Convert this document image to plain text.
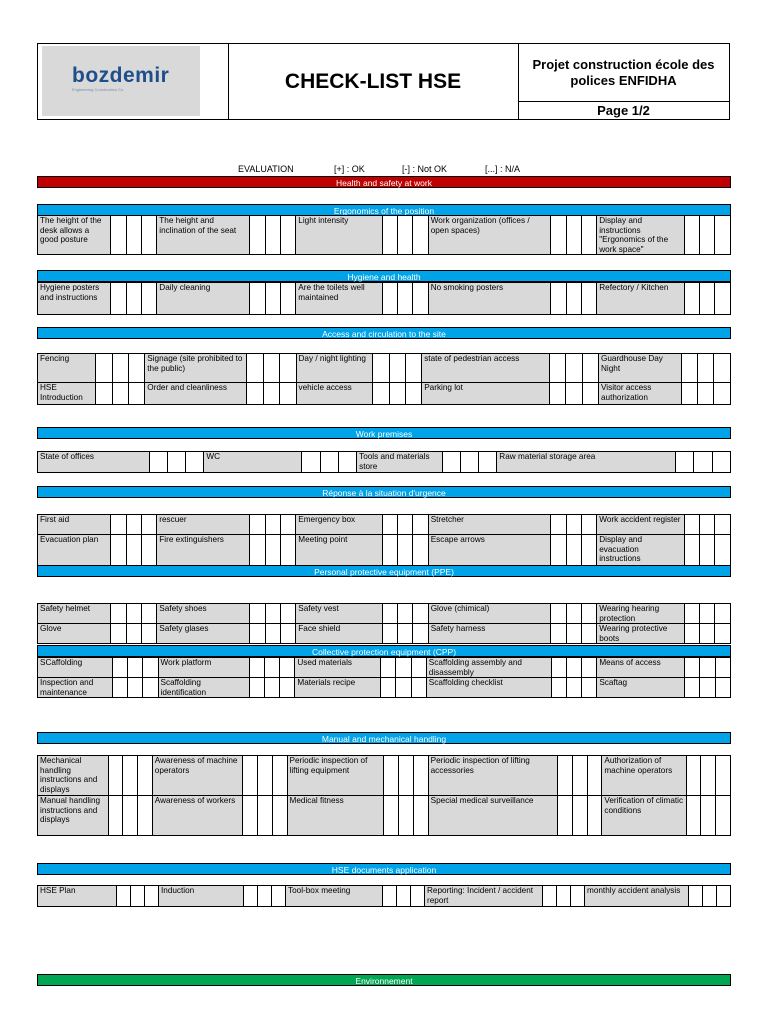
bozdemir
Engineering Construction Co.	CHECK-LIST HSE
Projet construction école des polices ENFIDHA
Page 1/2
EVALUATION	[+] : OK	[-] : Not OK	[...] : N/A
Health and safety at work
Ergonomics of the position
Hygiene and health
Access and circulation to the site
Work premises
Réponse à la situation d'urgence
Personal protective equipment (PPE)
Collective protection equipment (CPP)
Manual and mechanical handling
HSE documents application
Environnement
The height of the desk allows a good posture				The height and inclination of the seat				Light intensity				Work organization (offices / open spaces)				Display and instructions "Ergonomics of the work space"			
Hygiene posters and instructions				Daily cleaning				Are the toilets well maintained				No smoking posters				Refectory / Kitchen			
Fencing				Signage (site prohibited to the public)				Day / night lighting				state of pedestrian access				Guardhouse Day Night			
HSE Introduction				Order and cleanliness				vehicle access				Parking lot				Visitor access authorization			
State of offices				WC				Tools and materials store				Raw material storage area			
First aid				rescuer				Emergency box				Stretcher				Work accident register			
Evacuation plan				Fire extinguishers				Meeting point				Escape arrows				Display and evacuation instructions			
Safety helmet				Safety shoes				Safety vest				Glove (chimical)				Wearing hearing protection			
Glove				Safety glases				Face shield				Safety harness				Wearing protective boots			
SCaffolding				Work platform				Used materials				Scaffolding assembly and disassembly				Means of access			
Inspection and maintenance				Scaffolding identification				Materials recipe				Scaffolding checklist				Scaftag			
Mechanical handling instructions and displays				Awareness of machine operators				Periodic inspection of lifting equipment				Periodic inspection of lifting accessories				Authorization of machine operators			
Manual handling instructions and displays				Awareness of workers				Medical fitness				Special medical surveillance				Verification of climatic conditions			
HSE Plan				Induction				Tool-box meeting				Reporting: Incident / accident report				monthly accident analysis			
